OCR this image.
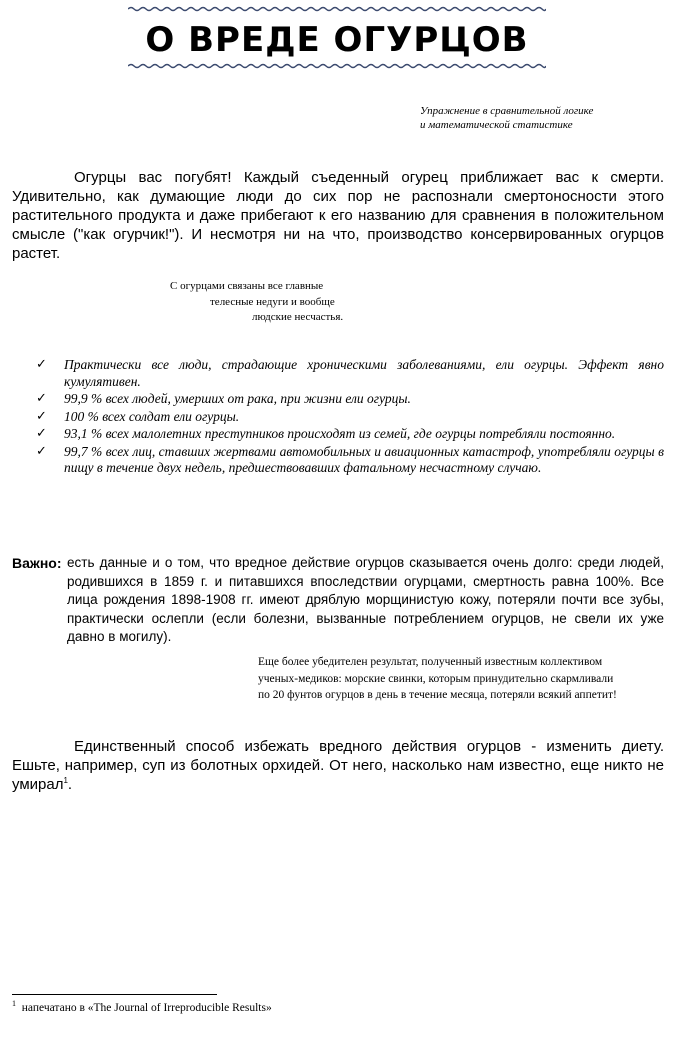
О ВРЕДЕ ОГУРЦОВ
Упражнение в сравнительной логике
и математической статистике
Огурцы вас погубят! Каждый съеденный огурец приближает вас к смерти. Удивительно, как думающие люди до сих пор не распознали смертоносности этого растительного продукта и даже прибегают к его названию для сравнения в положительном смысле ("как огурчик!"). И несмотря ни на что, производство консервированных огурцов растет.
С огурцами связаны все главные
телесные недуги и вообще
людские несчастья.
✓ Практически все люди, страдающие хроническими заболеваниями, ели огурцы. Эффект явно кумулятивен.
✓ 99,9 % всех людей, умерших от рака, при жизни ели огурцы.
✓ 100 % всех солдат ели огурцы.
✓ 93,1 % всех малолетних преступников происходят из семей, где огурцы потребляли постоянно.
✓ 99,7 % всех лиц, ставших жертвами автомобильных и авиационных катастроф, употребляли огурцы в пищу в течение двух недель, предшествовавших фатальному несчастному случаю.
Важно: есть данные и о том, что вредное действие огурцов сказывается очень долго: среди людей, родившихся в 1859 г. и питавшихся впоследствии огурцами, смертность равна 100%. Все лица рождения 1898-1908 гг. имеют дряблую морщинистую кожу, потеряли почти все зубы, практически ослепли (если болезни, вызванные потреблением огурцов, не свели их уже давно в могилу).
Еще более убедителен результат, полученный известным коллективом ученых-медиков: морские свинки, которым принудительно скармливали по 20 фунтов огурцов в день в течение месяца, потеряли всякий аппетит!
Единственный способ избежать вредного действия огурцов - изменить диету. Ешьте, например, суп из болотных орхидей. От него, насколько нам известно, еще никто не умирал$^1$.
$^1$ напечатано в «The Journal of Irreproducible Results»
